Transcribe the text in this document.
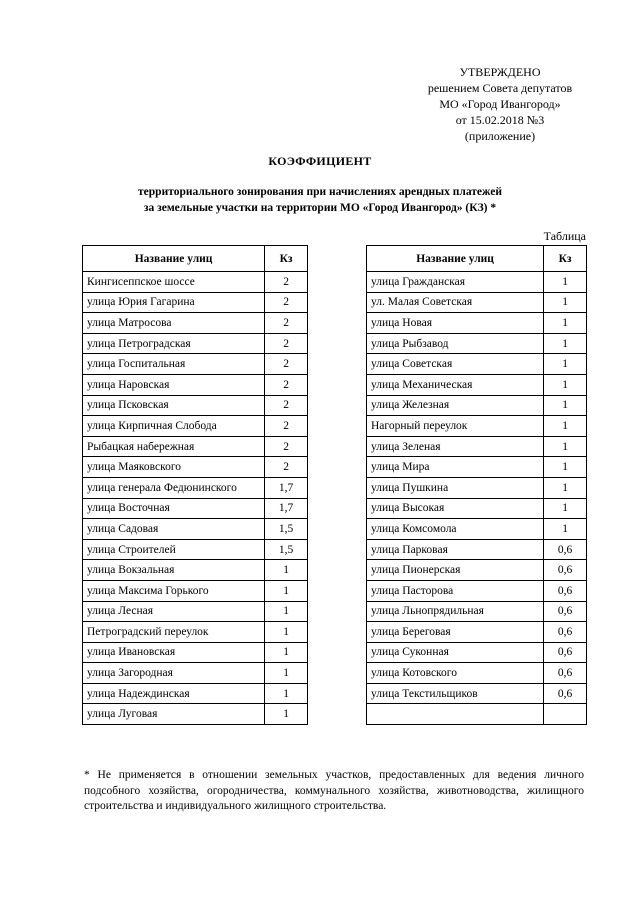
УТВЕРЖДЕНО
решением Совета депутатов
МО «Город Ивангород»
от 15.02.2018 №3
(приложение)
КОЭФФИЦИЕНТ
территориального зонирования при начислениях арендных платежей
за земельные участки на территории МО «Город Ивангород» (КЗ) *
Таблица
Название улиц	Кз
Кингисеппское шоссе	2
улица Юрия Гагарина	2
улица Матросова	2
улица Петроградская	2
улица Госпитальная	2
улица Наровская	2
улица Псковская	2
улица Кирпичная Слобода	2
Рыбацкая набережная	2
улица Маяковского	2
улица генерала Федюнинского	1,7
улица Восточная	1,7
улица Садовая	1,5
улица Строителей	1,5
улица Вокзальная	1
улица Максима Горького	1
улица Лесная	1
Петроградский переулок	1
улица Ивановская	1
улица Загородная	1
улица Надеждинская	1
улица Луговая	1
Название улиц	Кз
улица Гражданская	1
ул. Малая Советская	1
улица Новая	1
улица Рыбзавод	1
улица Советская	1
улица Механическая	1
улица Железная	1
Нагорный переулок	1
улица Зеленая	1
улица Мира	1
улица Пушкина	1
улица Высокая	1
улица Комсомола	1
улица Парковая	0,6
улица Пионерская	0,6
улица Пасторова	0,6
улица Льнопрядильная	0,6
улица Береговая	0,6
улица Суконная	0,6
улица Котовского	0,6
улица Текстильщиков	0,6

* Не применяется в отношении земельных участков, предоставленных для ведения личного подсобного хозяйства, огородничества, коммунального хозяйства, животноводства, жилищного строительства и индивидуального жилищного строительства.
